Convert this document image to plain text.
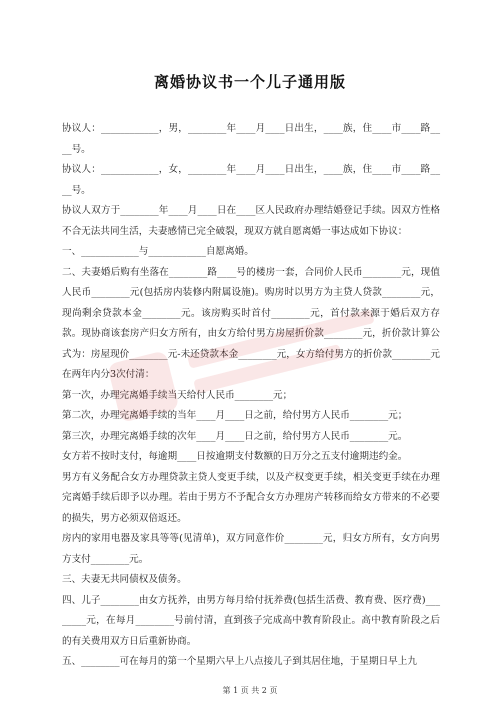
离婚协议书一个儿子通用版

协议人：____________，男，________年____月____日出生，____族，住____市____路____号。

协议人：____________，女，________年____月____日出生，____族，住____市____路____号。

协议人双方于________年____月____日在____区人民政府办理结婚登记手续。因双方性格不合无法共同生活，夫妻感情已完全破裂，现双方就自愿离婚一事达成如下协议：

一、____________与____________自愿离婚。

二、夫妻婚后购有坐落在________路____号的楼房一套，合同价人民币________元，现值人民币________元(包括房内装修内附属设施)。购房时以男方为主贷人贷款________元，现尚剩余贷款本金________元。该房购买时首付________元，首付款来源于婚后双方存款。现协商该套房产归女方所有，由女方给付男方房屋折价款________元，折价款计算公式为：房屋现价________元-未还贷款本金________元，女方给付男方的折价款________元在两年内分3次付清：

第一次，办理完离婚手续当天给付人民币________元；

第二次，办理完离婚手续的当年____月____日之前，给付男方人民币________元；

第三次，办理完离婚手续的次年____月____日之前，给付男方人民币________元。

女方若不按时支付，每逾期____日按逾期支付数额的日万分之五支付逾期违约金。

男方有义务配合女方办理贷款主贷人变更手续，以及产权变更手续，相关变更手续在办理完离婚手续后即予以办理。若由于男方不予配合女方办理房产转移而给女方带来的不必要的损失，男方必须双倍返还。

房内的家用电器及家具等等(见清单)，双方同意作价________元，归女方所有，女方向男方支付________元。

三、夫妻无共同债权及债务。

四、儿子________由女方抚养，由男方每月给付抚养费(包括生活费、教育费、医疗费)________元，在每月________号前付清，直到孩子完成高中教育阶段止。高中教育阶段之后的有关费用双方日后重新协商。

五、________可在每月的第一个星期六早上八点接儿子到其居住地，于星期日早上九

第 1 页 共 2 页
